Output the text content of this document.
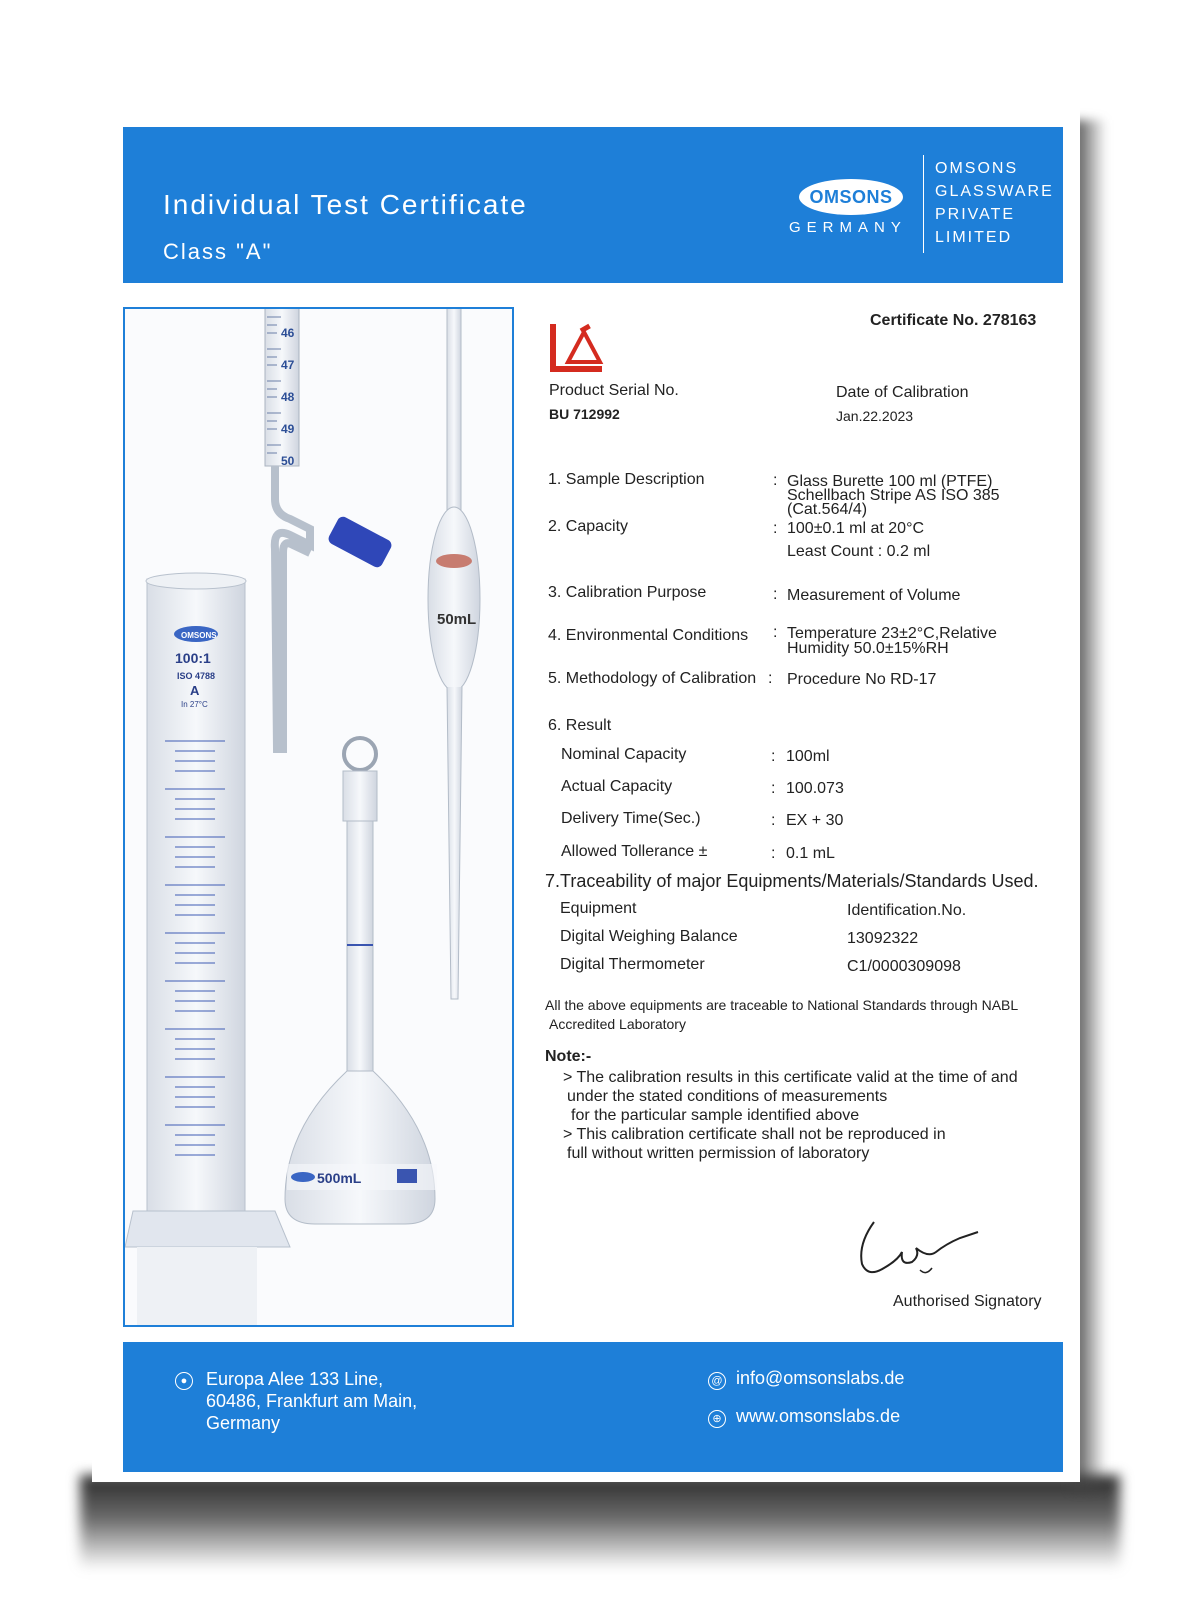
Individual Test Certificate
Class "A"
OMSONS
GERMANY
OMSONS
GLASSWARE
PRIVATE
LIMITED
46
47
48
49
50
50mL
OMSONS
100:1
ISO 4788
A
In 27°C
500mL
Certificate No. 278163
Product Serial No.
BU 712992
Date of Calibration
Jan.22.2023
1. Sample Description	: Glass Burette 100 ml (PTFE)
Schellbach Stripe AS ISO 385
(Cat.564/4)
2. Capacity	: 100±0.1 ml at 20°C
Least Count : 0.2 ml
3. Calibration Purpose	: Measurement of Volume
4. Environmental Conditions : Temperature 23±2°C,Relative
Humidity 50.0±15%RH
5. Methodology of Calibration : Procedure No RD-17
6. Result
Nominal Capacity	: 100ml
Actual Capacity	: 100.073
Delivery Time(Sec.)	: EX + 30
Allowed Tollerance ±	: 0.1 mL
7.Traceability of major Equipments/Materials/Standards Used.
Equipment	Identification.No.
Digital Weighing Balance	13092322
Digital Thermometer	C1/0000309098
All the above equipments are traceable to National Standards through NABL
Accredited Laboratory
Note:-
> The calibration results in this certificate valid at the time of and
under the stated conditions of measurements
for the particular sample identified above
> This calibration certificate shall not be reproduced in
full without written permission of laboratory
Authorised Signatory
●	Europa Alee 133 Line,
60486, Frankfurt am Main,
Germany
@ info@omsonslabs.de
⊕ www.omsonslabs.de
